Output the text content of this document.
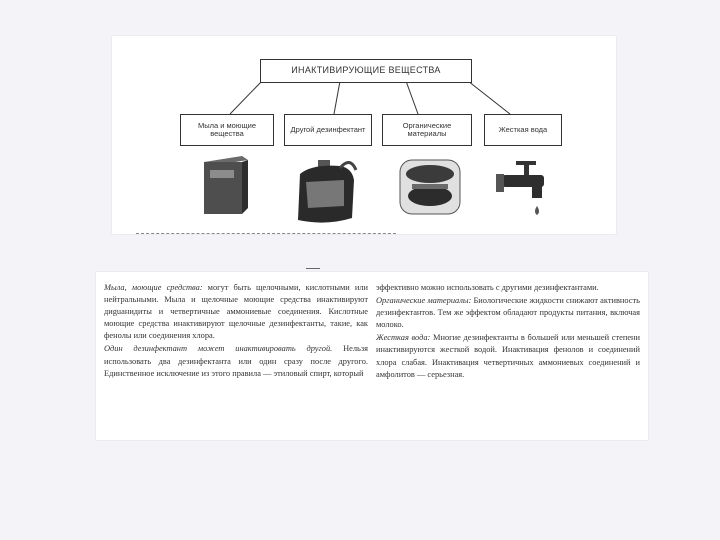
ИНАКТИВИРУЮЩИЕ ВЕЩЕСТВА
Мыла и моющие вещества	Другой дезинфектант	Органические материалы	Жесткая вода

Мыла, моющие средства: могут быть щелочными, кислотными или нейтральными. Мыла и щелочные моющие средства инактивируют диguaнидиты и четвертичные аммониевые соединения. Кислотные моющие средства инактивируют щелочные дезинфектанты, такие, как фенолы или соединения хлора.

Один дезинфектант может инактивировать другой. Нельзя использовать два дезинфектанта или один сразу после другого. Единственное исключение из этого правила — этиловый спирт, который

эффективно можно использовать с другими дезинфектантами.

Органические материалы: Биологические жидкости снижают активность дезинфектантов. Тем же эффектом обладают продукты питания, включая молоко.

Жесткая вода: Многие дезинфектанты в большей или меньшей степени инактивируются жесткой водой. Инактивация фенолов и соединений хлора слабая. Инактивация четвертичных аммониевых соединений и амфолитов — серьезная.
